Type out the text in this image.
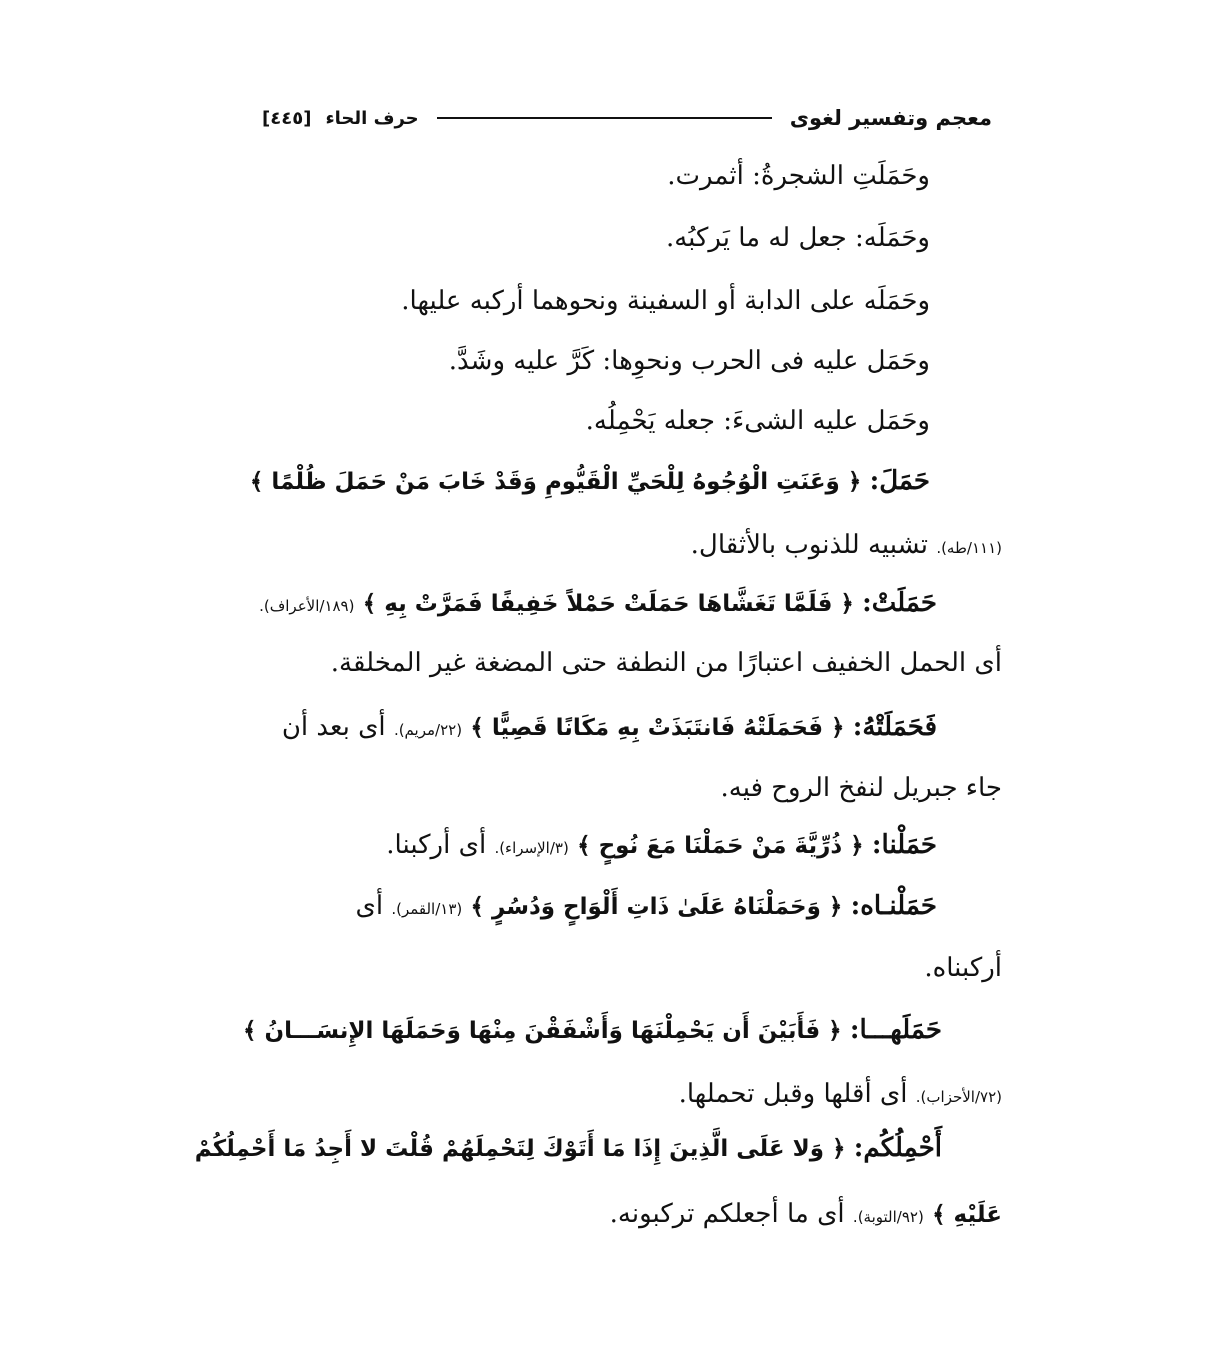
معجم وتفسير لغوى
حرف الحاء
[٤٤٥]
وحَمَلَتِ الشجرةُ: أثمرت.
وحَمَلَه: جعل له ما يَركبُه.
وحَمَلَه على الدابة أو السفينة ونحوهما أركبه عليها.
وحَمَل عليه فى الحرب ونحوِها: كَرَّ عليه وشَدَّ.
وحَمَل عليه الشىءَ: جعله يَحْمِلُه.
حَمَلَ: ﴿ وَعَنَتِ الْوُجُوهُ لِلْحَيِّ الْقَيُّومِ وَقَدْ خَابَ مَنْ حَمَلَ ظُلْمًا ﴾
(١١١/طه). تشبيه للذنوب بالأثقال.
حَمَلَتْ: ﴿ فَلَمَّا تَغَشَّاهَا حَمَلَتْ حَمْلاً خَفِيفًا فَمَرَّتْ بِهِ ﴾ (١٨٩/الأعراف).
أى الحمل الخفيف اعتبارًا من النطفة حتى المضغة غير المخلقة.
فَحَمَلَتْهُ: ﴿ فَحَمَلَتْهُ فَانتَبَذَتْ بِهِ مَكَانًا قَصِيًّا ﴾ (٢٢/مريم). أى بعد أن
جاء جبريل لنفخ الروح فيه.
حَمَلْنا: ﴿ ذُرِّيَّةَ مَنْ حَمَلْنَا مَعَ نُوحٍ ﴾ (٣/الإسراء). أى أركبنا.
حَمَلْنـاه: ﴿ وَحَمَلْنَاهُ عَلَىٰ ذَاتِ أَلْوَاحٍ وَدُسُرٍ ﴾ (١٣/القمر). أى
أركبناه.
حَمَلَهـــا: ﴿ فَأَبَيْنَ أَن يَحْمِلْنَهَا وَأَشْفَقْنَ مِنْهَا وَحَمَلَهَا الإِنسَـــانُ ﴾
(٧٢/الأحزاب). أى أقلها وقبل تحملها.
أَحْمِلُكُم: ﴿ وَلا عَلَى الَّذِينَ إِذَا مَا أَتَوْكَ لِتَحْمِلَهُمْ قُلْتَ لا أَجِدُ مَا أَحْمِلُكُمْ
عَلَيْهِ ﴾ (٩٢/التوبة). أى ما أجعلكم تركبونه.
